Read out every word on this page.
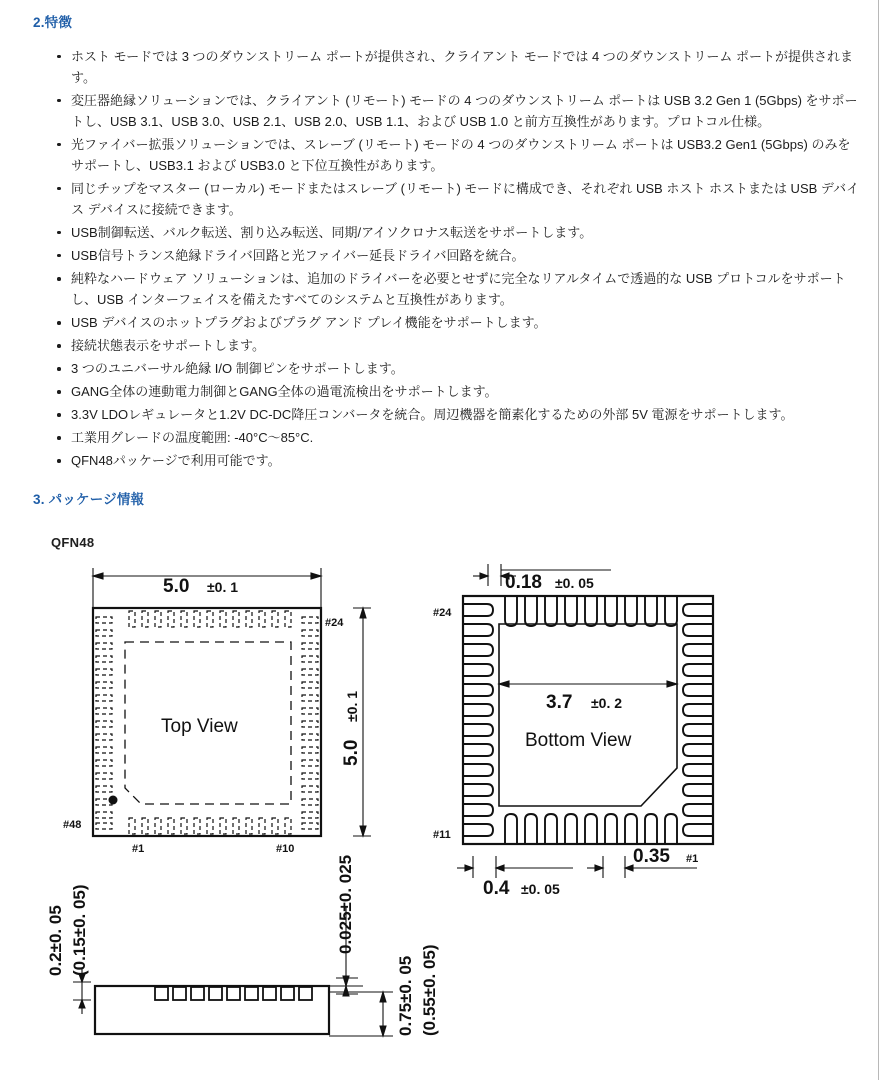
2.特徴
ホスト モードでは 3 つのダウンストリーム ポートが提供され、クライアント モードでは 4 つのダウンストリーム ポートが提供されます。
変圧器絶縁ソリューションでは、クライアント (リモート) モードの 4 つのダウンストリーム ポートは USB 3.2 Gen 1 (5Gbps) をサポートし、USB 3.1、USB 3.0、USB 2.1、USB 2.0、USB 1.1、および USB 1.0 と前方互換性があります。プロトコル仕様。
光ファイバー拡張ソリューションでは、スレーブ (リモート) モードの 4 つのダウンストリーム ポートは USB3.2 Gen1 (5Gbps) のみをサポートし、USB3.1 および USB3.0 と下位互換性があります。
同じチップをマスター (ローカル) モードまたはスレーブ (リモート) モードに構成でき、それぞれ USB ホスト ホストまたは USB デバイス デバイスに接続できます。
USB制御転送、バルク転送、割り込み転送、同期/アイソクロナス転送をサポートします。
USB信号トランス絶縁ドライバ回路と光ファイバー延長ドライバ回路を統合。
純粋なハードウェア ソリューションは、追加のドライバーを必要とせずに完全なリアルタイムで透過的な USB プロトコルをサポートし、USB インターフェイスを備えたすべてのシステムと互換性があります。
USB デバイスのホットプラグおよびプラグ アンド プレイ機能をサポートします。
接続状態表示をサポートします。
3 つのユニバーサル絶縁 I/O 制御ピンをサポートします。
GANG全体の連動電力制御とGANG全体の過電流検出をサポートします。
3.3V LDOレギュレータと1.2V DC-DC降圧コンバータを統合。周辺機器を簡素化するための外部 5V 電源をサポートします。
工業用グレードの温度範囲: -40°C〜85°C.
QFN48パッケージで利用可能です。
3. パッケージ情報
QFN48
5.0 ±0. 1
#24
#48
#1	#10
5.0
±0. 1
Top View
0.18 ±0. 05
3.7 ±0. 2
Bottom View
#24
#11
#1
0.4 ±0. 05
0.35
0.2±0. 05 (0.15±0. 05)	0.025±0. 025
0.75±0. 05 (0.55±0. 05)
